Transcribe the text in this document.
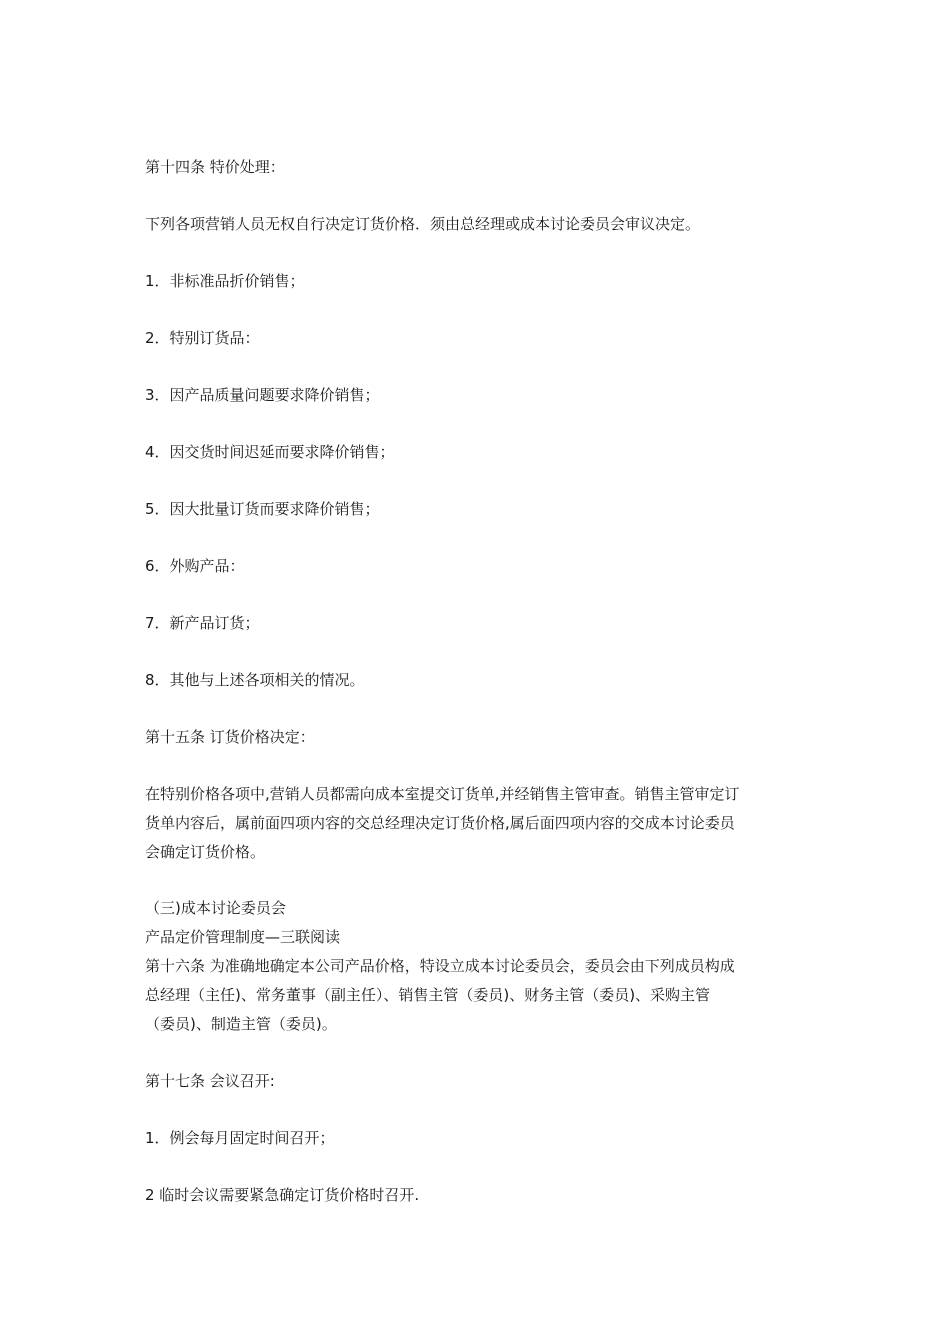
第十四条 特价处理：
下列各项营销人员无权自行决定订货价格．须由总经理或成本讨论委员会审议决定。
1．非标准品折价销售；
2．特别订货品：
3．因产品质量问题要求降价销售；
4．因交货时间迟延而要求降价销售；
5．因大批量订货而要求降价销售；
6．外购产品：
7．新产品订货；
8．其他与上述各项相关的情况。
第十五条 订货价格决定：
在特别价格各项中,营销人员都需向成本室提交订货单,并经销售主管审查。销售主管审定订
货单内容后，属前面四项内容的交总经理决定订货价格,属后面四项内容的交成本讨论委员
会确定订货价格。
（三)成本讨论委员会
产品定价管理制度—三联阅读
第十六条 为准确地确定本公司产品价格，特设立成本讨论委员会，委员会由下列成员构成
总经理（主任)、常务董事（副主任）、销售主管（委员)、财务主管（委员)、采购主管
（委员)、制造主管（委员)。
第十七条 会议召开:
1．例会每月固定时间召开；
2 临时会议需要紧急确定订货价格时召开.
